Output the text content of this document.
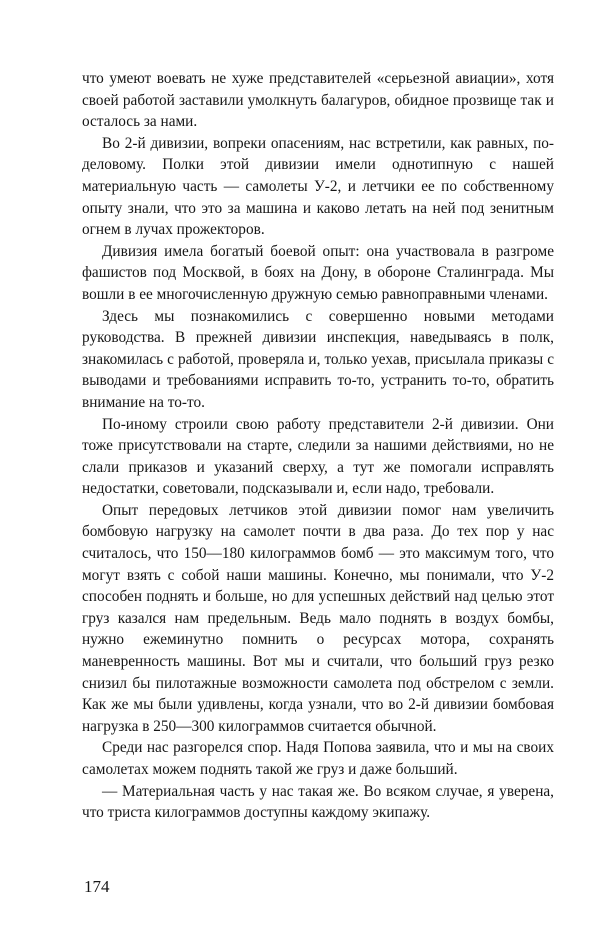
что умеют воевать не хуже представителей «серьезной авиации», хотя своей работой заставили умолкнуть балагуров, обидное прозвище так и осталось за нами.

Во 2-й дивизии, вопреки опасениям, нас встретили, как равных, по-деловому. Полки этой дивизии имели однотипную с нашей материальную часть — самолеты У-2, и летчики ее по собственному опыту знали, что это за машина и каково летать на ней под зенитным огнем в лучах прожекторов.

Дивизия имела богатый боевой опыт: она участвовала в разгроме фашистов под Москвой, в боях на Дону, в обороне Сталинграда. Мы вошли в ее многочисленную дружную семью равноправными членами.

Здесь мы познакомились с совершенно новыми методами руководства. В прежней дивизии инспекция, наведываясь в полк, знакомилась с работой, проверяла и, только уехав, присылала приказы с выводами и требованиями исправить то-то, устранить то-то, обратить внимание на то-то.

По-иному строили свою работу представители 2-й дивизии. Они тоже присутствовали на старте, следили за нашими действиями, но не слали приказов и указаний сверху, а тут же помогали исправлять недостатки, советовали, подсказывали и, если надо, требовали.

Опыт передовых летчиков этой дивизии помог нам увеличить бомбовую нагрузку на самолет почти в два раза. До тех пор у нас считалось, что 150—180 килограммов бомб — это максимум того, что могут взять с собой наши машины. Конечно, мы понимали, что У-2 способен поднять и больше, но для успешных действий над целью этот груз казался нам предельным. Ведь мало поднять в воздух бомбы, нужно ежеминутно помнить о ресурсах мотора, сохранять маневренность машины. Вот мы и считали, что больший груз резко снизил бы пилотажные возможности самолета под обстрелом с земли. Как же мы были удивлены, когда узнали, что во 2-й дивизии бомбовая нагрузка в 250—300 килограммов считается обычной.

Среди нас разгорелся спор. Надя Попова заявила, что и мы на своих самолетах можем поднять такой же груз и даже больший.

— Материальная часть у нас такая же. Во всяком случае, я уверена, что триста килограммов доступны каждому экипажу.

174
